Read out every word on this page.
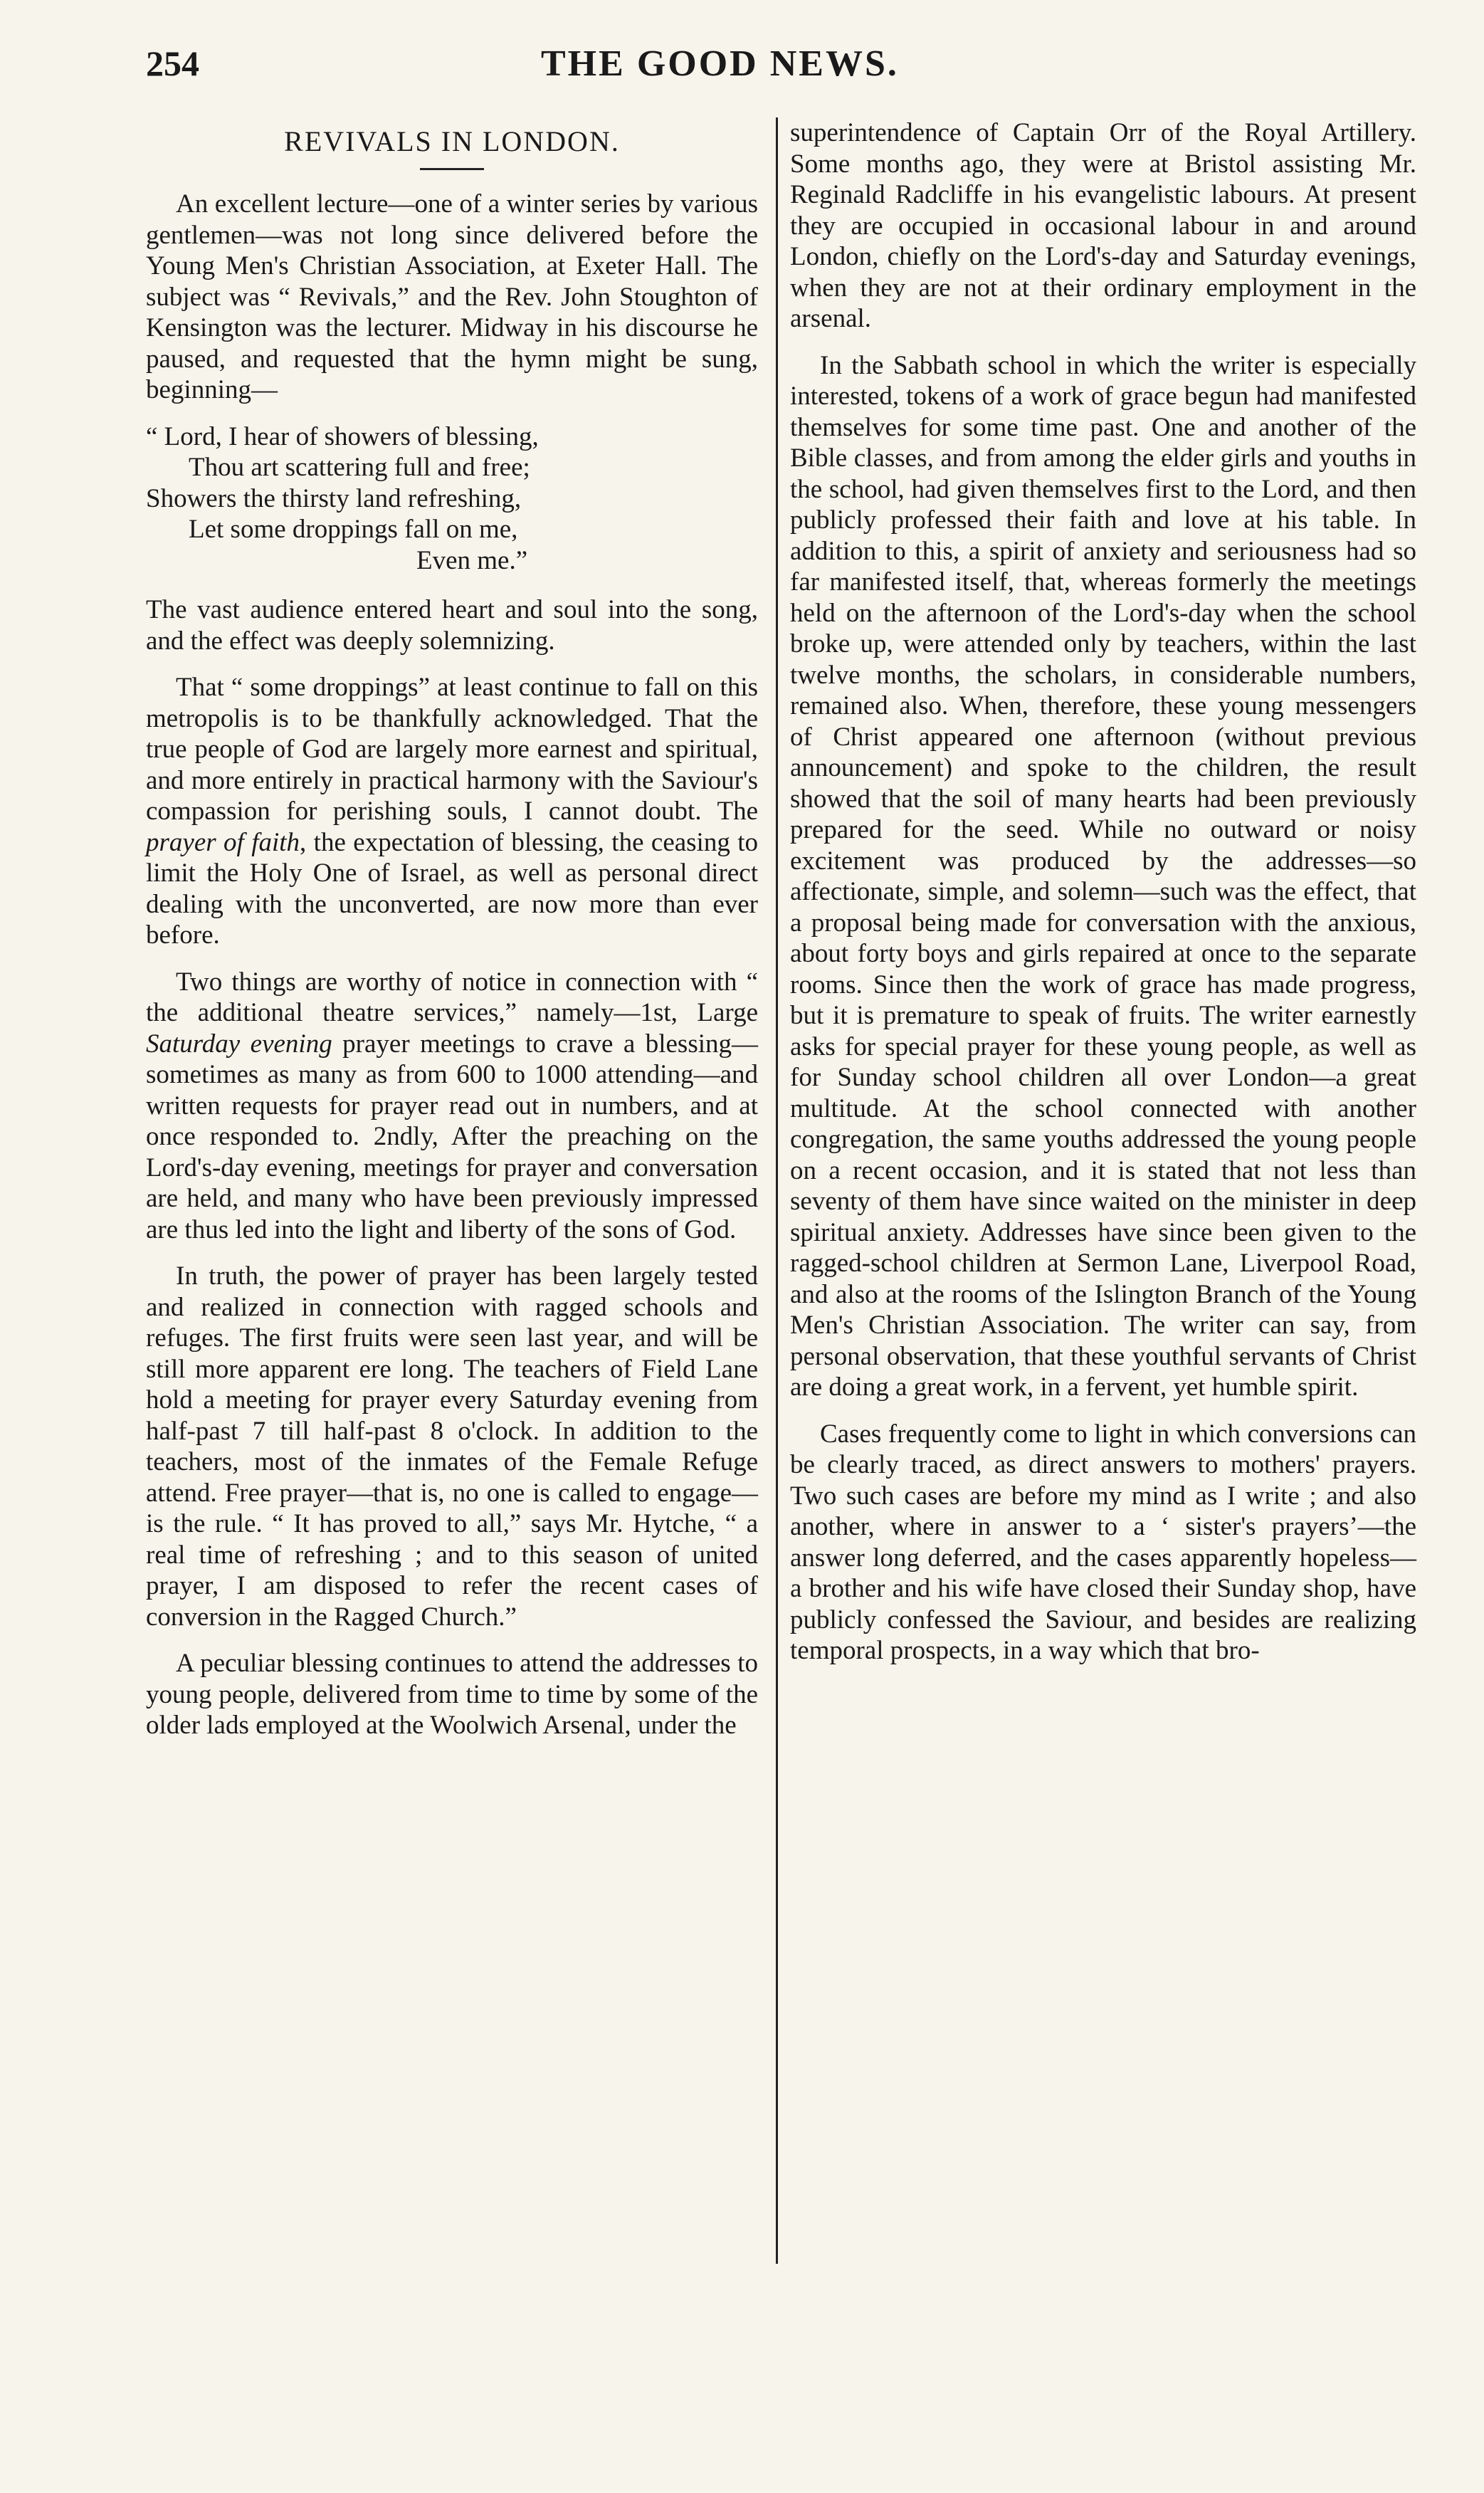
254	THE GOOD NEWS.
REVIVALS IN LONDON.

An excellent lecture—one of a winter series by various gentlemen—was not long since delivered before the Young Men's Christian Association, at Exeter Hall. The subject was “ Revivals,” and the Rev. John Stoughton of Kensington was the lecturer. Midway in his discourse he paused, and requested that the hymn might be sung, beginning—

“ Lord, I hear of showers of blessing,
Thou art scattering full and free;
Showers the thirsty land refreshing,
Let some droppings fall on me,
Even me.”

The vast audience entered heart and soul into the song, and the effect was deeply solemnizing.

That “ some droppings” at least continue to fall on this metropolis is to be thankfully acknowledged. That the true people of God are largely more earnest and spiritual, and more entirely in practical harmony with the Saviour's compassion for perishing souls, I cannot doubt. The prayer of faith, the expectation of blessing, the ceasing to limit the Holy One of Israel, as well as personal direct dealing with the unconverted, are now more than ever before.

Two things are worthy of notice in connection with “ the additional theatre services,” namely—1st, Large Saturday evening prayer meetings to crave a blessing—sometimes as many as from 600 to 1000 attending—and written requests for prayer read out in numbers, and at once responded to. 2ndly, After the preaching on the Lord's-day evening, meetings for prayer and conversation are held, and many who have been previously impressed are thus led into the light and liberty of the sons of God.

In truth, the power of prayer has been largely tested and realized in connection with ragged schools and refuges. The first fruits were seen last year, and will be still more apparent ere long. The teachers of Field Lane hold a meeting for prayer every Saturday evening from half-past 7 till half-past 8 o'clock. In addition to the teachers, most of the inmates of the Female Refuge attend. Free prayer—that is, no one is called to engage—is the rule. “ It has proved to all,” says Mr. Hytche, “ a real time of refreshing ; and to this season of united prayer, I am disposed to refer the recent cases of conversion in the Ragged Church.”

A peculiar blessing continues to attend the addresses to young people, delivered from time to time by some of the older lads employed at the Woolwich Arsenal, under the

superintendence of Captain Orr of the Royal Artillery. Some months ago, they were at Bristol assisting Mr. Reginald Radcliffe in his evangelistic labours. At present they are occupied in occasional labour in and around London, chiefly on the Lord's-day and Saturday evenings, when they are not at their ordinary employment in the arsenal.

In the Sabbath school in which the writer is especially interested, tokens of a work of grace begun had manifested themselves for some time past. One and another of the Bible classes, and from among the elder girls and youths in the school, had given themselves first to the Lord, and then publicly professed their faith and love at his table. In addition to this, a spirit of anxiety and seriousness had so far manifested itself, that, whereas formerly the meetings held on the afternoon of the Lord's-day when the school broke up, were attended only by teachers, within the last twelve months, the scholars, in considerable numbers, remained also. When, therefore, these young messengers of Christ appeared one afternoon (without previous announcement) and spoke to the children, the result showed that the soil of many hearts had been previously prepared for the seed. While no outward or noisy excitement was produced by the addresses—so affectionate, simple, and solemn—such was the effect, that a proposal being made for conversation with the anxious, about forty boys and girls repaired at once to the separate rooms. Since then the work of grace has made progress, but it is premature to speak of fruits. The writer earnestly asks for special prayer for these young people, as well as for Sunday school children all over London—a great multitude. At the school connected with another congregation, the same youths addressed the young people on a recent occasion, and it is stated that not less than seventy of them have since waited on the minister in deep spiritual anxiety. Addresses have since been given to the ragged-school children at Sermon Lane, Liverpool Road, and also at the rooms of the Islington Branch of the Young Men's Christian Association. The writer can say, from personal observation, that these youthful servants of Christ are doing a great work, in a fervent, yet humble spirit.

Cases frequently come to light in which conversions can be clearly traced, as direct answers to mothers' prayers. Two such cases are before my mind as I write ; and also another, where in answer to a ‘ sister's prayers’—the answer long deferred, and the cases apparently hopeless—a brother and his wife have closed their Sunday shop, have publicly confessed the Saviour, and besides are realizing temporal prospects, in a way which that bro-
